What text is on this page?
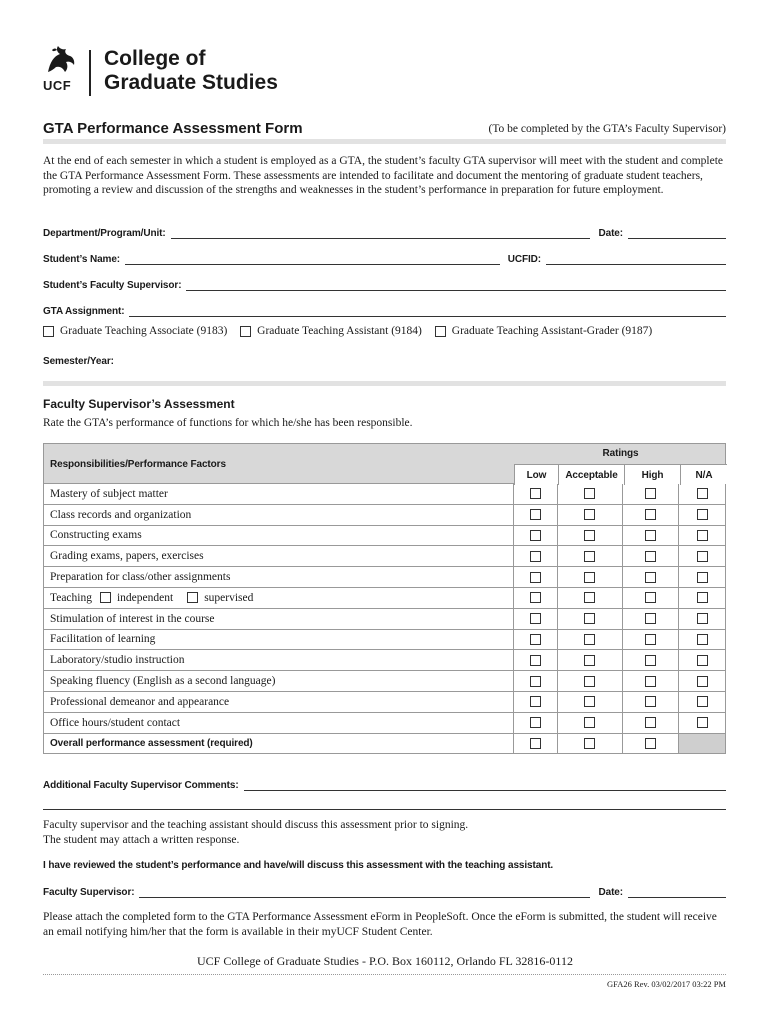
UCF
College of
Graduate Studies
GTA Performance Assessment Form	(To be completed by the GTA’s Faculty Supervisor)
At the end of each semester in which a student is employed as a GTA, the student’s faculty GTA supervisor will meet with the student and complete the GTA Performance Assessment Form. These assessments are intended to facilitate and document the mentoring of graduate student teachers, promoting a review and discussion of the strengths and weaknesses in the student’s performance in preparation for future employment.
Department/Program/Unit:	Date:
Student’s Name:	UCFID:
Student’s Faculty Supervisor:
GTA Assignment:
Graduate Teaching Associate (9183)
	Graduate Teaching Assistant (9184)
	Graduate Teaching Assistant-Grader (9187)
Semester/Year:
Faculty Supervisor’s Assessment
Rate the GTA’s performance of functions for which he/she has been responsible.
Responsibilities/Performance Factors
Ratings
Low	Acceptable	High	N/A
Mastery of subject matter
Class records and organization
Constructing exams
Grading exams, papers, exercises
Preparation for class/other assignments
Teaching independent	supervised
Stimulation of interest in the course
Facilitation of learning
Laboratory/studio instruction
Speaking fluency (English as a second language)
Professional demeanor and appearance
Office hours/student contact
Overall performance assessment (required)
Additional Faculty Supervisor Comments:
Faculty supervisor and the teaching assistant should discuss this assessment prior to signing.
The student may attach a written response.
I have reviewed the student’s performance and have/will discuss this assessment with the teaching assistant.
Faculty Supervisor:	Date:
Please attach the completed form to the GTA Performance Assessment eForm in PeopleSoft. Once the eForm is submitted, the student will receive an email notifying him/her that the form is available in their myUCF Student Center.
UCF College of Graduate Studies - P.O. Box 160112, Orlando FL 32816-0112
GFA26 Rev. 03/02/2017 03:22 PM
